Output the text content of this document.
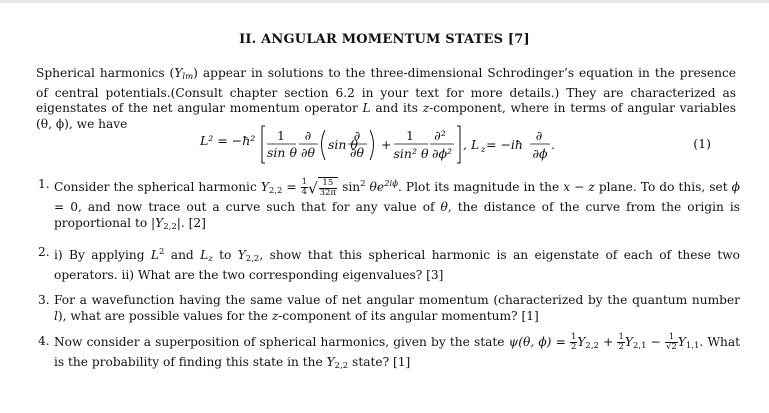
II. ANGULAR MOMENTUM STATES [7]

Spherical harmonics (Ylm) appear in solutions to the three-dimensional Schrodinger’s equation in the presence of central potentials.(Consult chapter section 6.2 in your text for more details.) They are characterized as eigenstates of the net angular momentum operator L and its z-component, where in terms of angular variables (θ, ϕ), we have

L² = −ħ² 1
sin θ
∂
∂θ
sin θ
∂
∂θ
+
1
sin² θ
∂²
∂ϕ²
, L z = −iħ
∂
∂ϕ
.	(1)
1. Consider the spherical harmonic $Y_{2,2} = \frac{1}{4}$ √ $\frac{15}{32\pi} \sin^2 \theta e^{2i\phi}$. Plot its magnitude in the x − z plane. To do this, set ϕ = 0, and now trace out a curve such that for any value of θ, the distance of the curve from the origin is proportional to $|Y_{2,2}|$. [2]
2. i) By applying $L^2$ and Lz to $Y_{2,2}$, show that this spherical harmonic is an eigenstate of each of these two operators. ii) What are the two corresponding eigenvalues? [3]
3. For a wavefunction having the same value of net angular momentum (characterized by the quantum number l), what are possible values for the z-component of its angular momentum? [1]
4. Now consider a superposition of spherical harmonics, given by the state ψ(θ, $\phi) = \frac{1}{2} Y_{2,2} + \frac{1}{2} Y_{2,1} - \frac{1}{√2} Y_{1,1}$. What is the probability of finding this state in the $Y_{2,2}$ state? [1]
